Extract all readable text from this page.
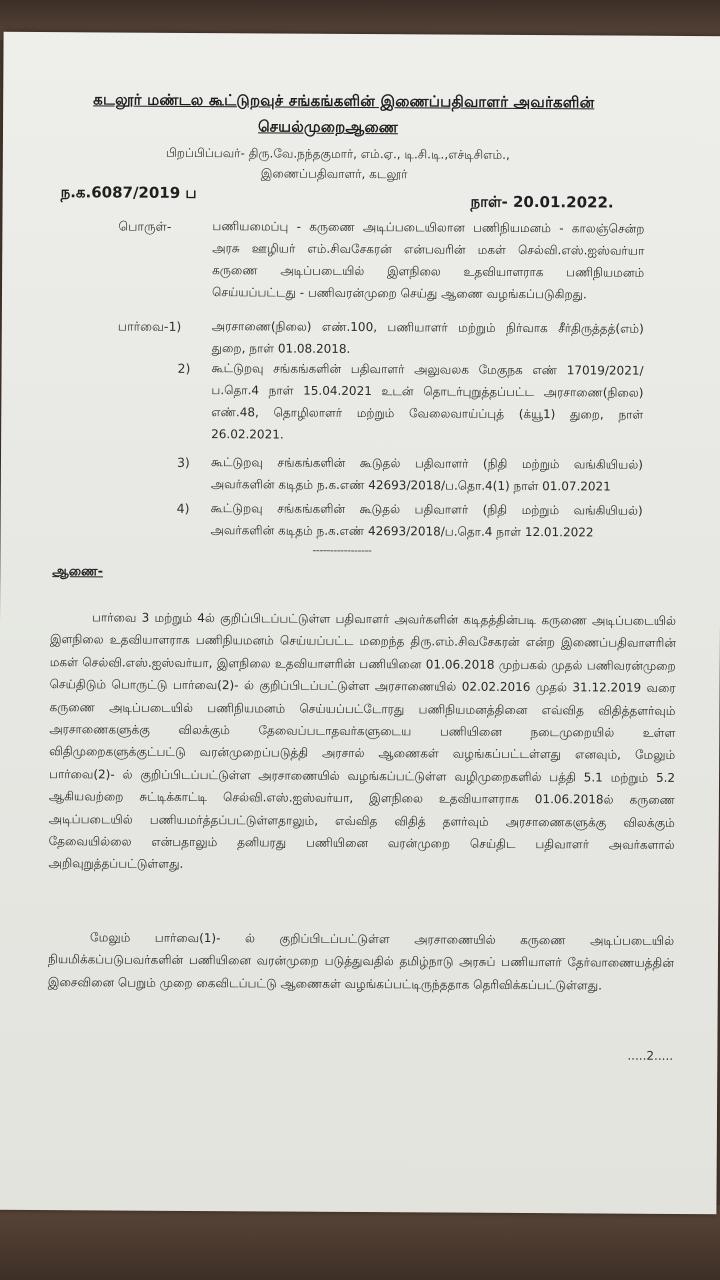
கடலூர் மண்டல கூட்டுறவுச் சங்கங்களின் இணைப்பதிவாளர் அவர்களின்
செயல்முறைஆணை
பிறப்பிப்பவர்- திரு.வே.நந்தகுமார், எம்.ஏ., டி.சி.டி.,எச்டிசிஎம்.,
இணைப்பதிவாளர், கடலூர்
ந.க.6087/2019 ப
நாள்- 20.01.2022.
பொருள்-	பணியமைப்பு - கருணை அடிப்படையிலான பணிநியமனம் - காலஞ்சென்ற அரசு ஊழியர் எம்.சிவசேகரன் என்பவரின் மகள் செல்வி.எஸ்.ஐஸ்வர்யா கருணை அடிப்படையில் இளநிலை உதவியாளராக பணிநியமனம் செய்யப்பட்டது - பணிவரன்முறை செய்து ஆணை வழங்கப்படுகிறது.
பார்வை-1)	அரசாணை(நிலை) எண்.100, பணியாளர் மற்றும் நிர்வாக சீர்திருத்தத்(எம்) துறை, நாள் 01.08.2018.
2) கூட்டுறவு சங்கங்களின் பதிவாளர் அலுவலக மேகுநக எண் 17019/2021/ ப.தொ.4 நாள் 15.04.2021 உடன் தொடர்புறுத்தப்பட்ட அரசாணை(நிலை) எண்.48, தொழிலாளர் மற்றும் வேலைவாய்ப்புத் (க்யூ1) துறை, நாள் 26.02.2021.
3) கூட்டுறவு சங்கங்களின் கூடுதல் பதிவாளர் (நிதி மற்றும் வங்கியியல்) அவர்களின் கடிதம் ந.க.எண் 42693/2018/ப.தொ.4(1) நாள் 01.07.2021
4) கூட்டுறவு சங்கங்களின் கூடுதல் பதிவாளர் (நிதி மற்றும் வங்கியியல்) அவர்களின் கடிதம் ந.க.எண் 42693/2018/ப.தொ.4 நாள் 12.01.2022
-----------------
ஆணை-
பார்வை 3 மற்றும் 4ல் குறிப்பிடப்பட்டுள்ள பதிவாளர் அவர்களின் கடிதத்தின்படி கருணை அடிப்படையில் இளநிலை உதவியாளராக பணிநியமனம் செய்யப்பட்ட மறைந்த திரு.எம்.சிவசேகரன் என்ற இணைப்பதிவாளரின் மகள் செல்வி.எஸ்.ஐஸ்வர்யா, இளநிலை உதவியாளரின் பணியினை 01.06.2018 முற்பகல் முதல் பணிவரன்முறை செய்திடும் பொருட்டு பார்வை(2)- ல் குறிப்பிடப்பட்டுள்ள அரசாணையில் 02.02.2016 முதல் 31.12.2019 வரை கருணை அடிப்படையில் பணிநியமனம் செய்யப்பட்டோரது பணிநியமனத்தினை எவ்வித விதித்தளர்வும் அரசாணைகளுக்கு விலக்கும் தேவைப்படாதவர்களுடைய பணியினை நடைமுறையில் உள்ள விதிமுறைகளுக்குட்பட்டு வரன்முறைப்படுத்தி அரசால் ஆணைகள் வழங்கப்பட்டள்ளது எனவும், மேலும் பார்வை(2)- ல் குறிப்பிடப்பட்டுள்ள அரசாணையில் வழங்கப்பட்டுள்ள வழிமுறைகளில் பத்தி 5.1 மற்றும் 5.2 ஆகியவற்றை சுட்டிக்காட்டி செல்வி.எஸ்.ஐஸ்வர்யா, இளநிலை உதவியாளராக 01.06.2018ல் கருணை அடிப்படையில் பணியமர்த்தப்பட்டுள்ளதாலும், எவ்வித விதித் தளர்வும் அரசாணைகளுக்கு விலக்கும் தேவையில்லை என்பதாலும் தனியரது பணியினை வரன்முறை செய்திட பதிவாளர் அவர்களால் அறிவுறுத்தப்பட்டுள்ளது.
மேலும் பார்வை(1)- ல் குறிப்பிடப்பட்டுள்ள அரசாணையில் கருணை அடிப்படையில் நியமிக்கப்படுபவர்களின் பணியினை வரன்முறை படுத்துவதில் தமிழ்நாடு அரசுப் பணியாளர் தேர்வாணையத்தின் இசைவினை பெறும் முறை கைவிடப்பட்டு ஆணைகள் வழங்கப்பட்டிருந்ததாக தெரிவிக்கப்பட்டுள்ளது.
.....2.....
